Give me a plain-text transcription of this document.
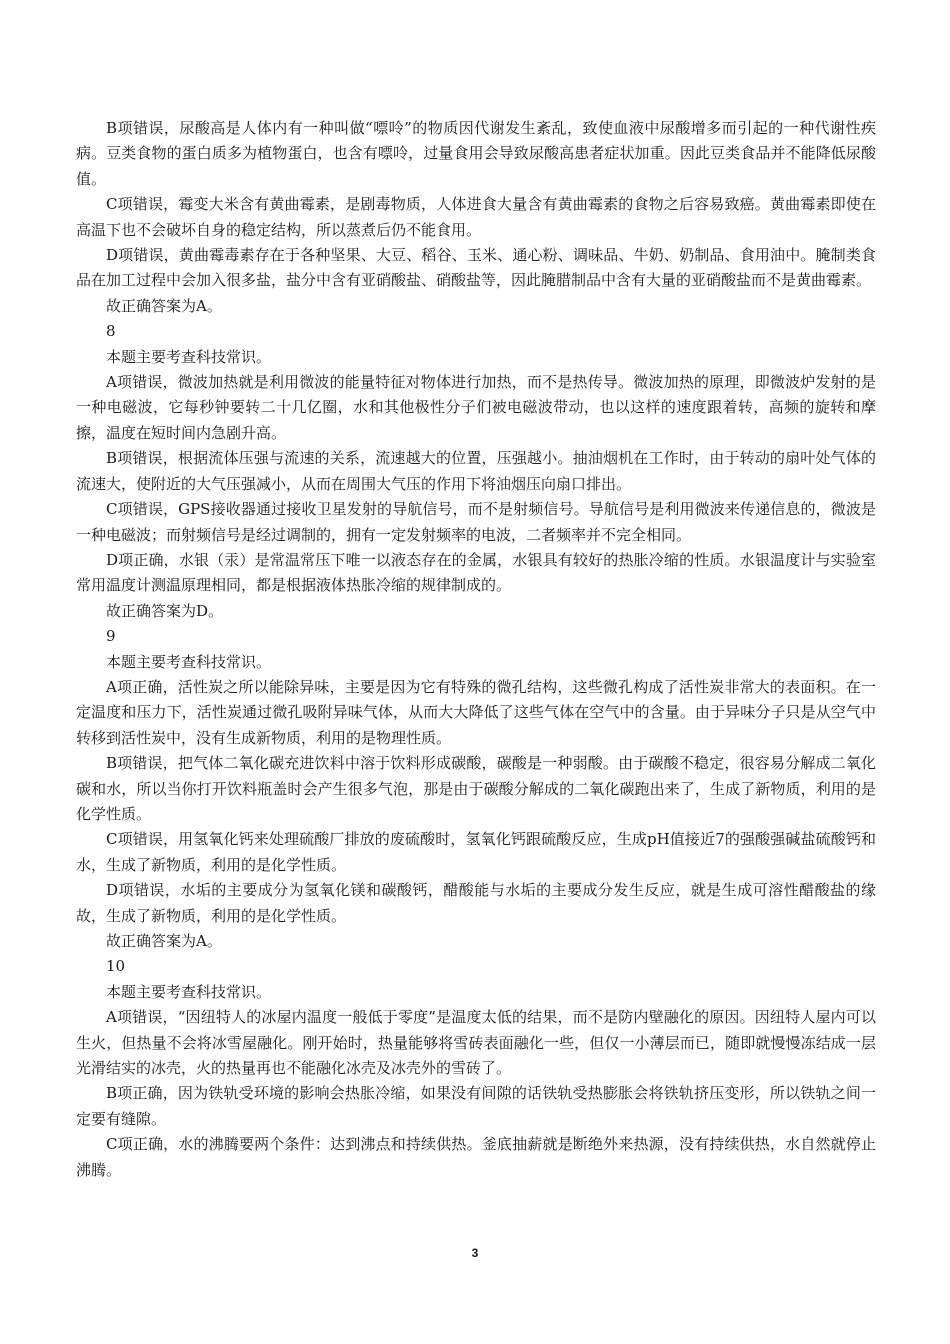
B项错误，尿酸高是人体内有一种叫做“嘌呤”的物质因代谢发生紊乱，致使血液中尿酸增多而引起的一种代谢性疾病。豆类食物的蛋白质多为植物蛋白，也含有嘌呤，过量食用会导致尿酸高患者症状加重。因此豆类食品并不能降低尿酸值。

C项错误，霉变大米含有黄曲霉素，是剧毒物质，人体进食大量含有黄曲霉素的食物之后容易致癌。黄曲霉素即使在高温下也不会破坏自身的稳定结构，所以蒸煮后仍不能食用。

D项错误，黄曲霉毒素存在于各种坚果、大豆、稻谷、玉米、通心粉、调味品、牛奶、奶制品、食用油中。腌制类食品在加工过程中会加入很多盐，盐分中含有亚硝酸盐、硝酸盐等，因此腌腊制品中含有大量的亚硝酸盐而不是黄曲霉素。

故正确答案为A。

8

本题主要考查科技常识。

A项错误，微波加热就是利用微波的能量特征对物体进行加热，而不是热传导。微波加热的原理，即微波炉发射的是一种电磁波，它每秒钟要转二十几亿圈，水和其他极性分子们被电磁波带动，也以这样的速度跟着转，高频的旋转和摩擦，温度在短时间内急剧升高。

B项错误，根据流体压强与流速的关系，流速越大的位置，压强越小。抽油烟机在工作时，由于转动的扇叶处气体的流速大，使附近的大气压强减小，从而在周围大气压的作用下将油烟压向扇口排出。

C项错误，GPS接收器通过接收卫星发射的导航信号，而不是射频信号。导航信号是利用微波来传递信息的，微波是一种电磁波；而射频信号是经过调制的，拥有一定发射频率的电波，二者频率并不完全相同。

D项正确，水银（汞）是常温常压下唯一以液态存在的金属，水银具有较好的热胀冷缩的性质。水银温度计与实验室常用温度计测温原理相同，都是根据液体热胀冷缩的规律制成的。

故正确答案为D。

9

本题主要考查科技常识。

A项正确，活性炭之所以能除异味，主要是因为它有特殊的微孔结构，这些微孔构成了活性炭非常大的表面积。在一定温度和压力下，活性炭通过微孔吸附异味气体，从而大大降低了这些气体在空气中的含量。由于异味分子只是从空气中转移到活性炭中，没有生成新物质，利用的是物理性质。

B项错误，把气体二氧化碳充进饮料中溶于饮料形成碳酸，碳酸是一种弱酸。由于碳酸不稳定，很容易分解成二氧化碳和水，所以当你打开饮料瓶盖时会产生很多气泡，那是由于碳酸分解成的二氧化碳跑出来了，生成了新物质，利用的是化学性质。

C项错误，用氢氧化钙来处理硫酸厂排放的废硫酸时，氢氧化钙跟硫酸反应，生成pH值接近7的强酸强碱盐硫酸钙和水，生成了新物质，利用的是化学性质。

D项错误，水垢的主要成分为氢氧化镁和碳酸钙，醋酸能与水垢的主要成分发生反应，就是生成可溶性醋酸盐的缘故，生成了新物质，利用的是化学性质。

故正确答案为A。

10

本题主要考查科技常识。

A项错误，“因纽特人的冰屋内温度一般低于零度”是温度太低的结果，而不是防内壁融化的原因。因纽特人屋内可以生火，但热量不会将冰雪屋融化。刚开始时，热量能够将雪砖表面融化一些，但仅一小薄层而已，随即就慢慢冻结成一层光滑结实的冰壳，火的热量再也不能融化冰壳及冰壳外的雪砖了。

B项正确，因为铁轨受环境的影响会热胀冷缩，如果没有间隙的话铁轨受热膨胀会将铁轨挤压变形，所以铁轨之间一定要有缝隙。

C项正确，水的沸腾要两个条件：达到沸点和持续供热。釜底抽薪就是断绝外来热源，没有持续供热，水自然就停止沸腾。

3
